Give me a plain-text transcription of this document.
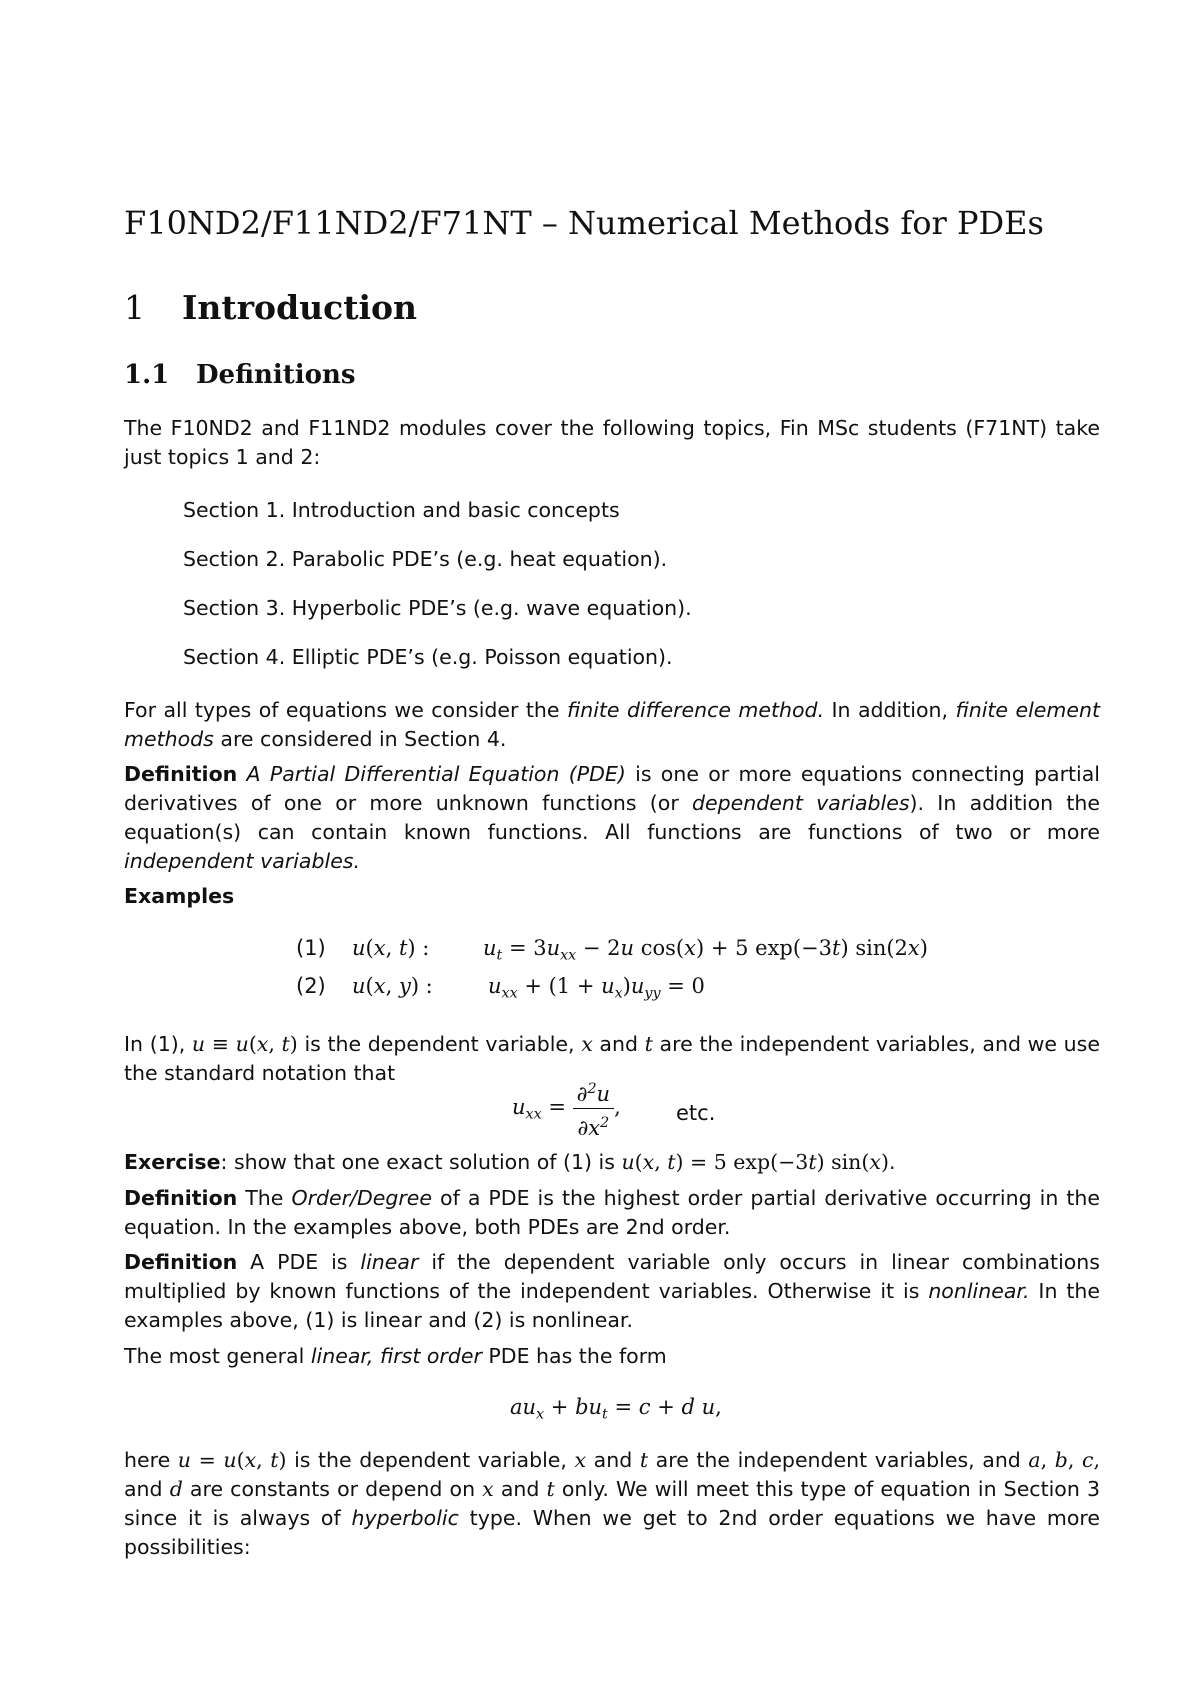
F10ND2/F11ND2/F71NT – Numerical Methods for PDEs
1 Introduction
1.1 Definitions
The F10ND2 and F11ND2 modules cover the following topics, Fin MSc students (F71NT) take just topics 1 and 2:
Section 1. Introduction and basic concepts
Section 2. Parabolic PDE’s (e.g. heat equation).
Section 3. Hyperbolic PDE’s (e.g. wave equation).
Section 4. Elliptic PDE’s (e.g. Poisson equation).
For all types of equations we consider the finite difference method. In addition, finite element methods are considered in Section 4.
Definition A Partial Differential Equation (PDE) is one or more equations connecting partial derivatives of one or more unknown functions (or dependent variables). In addition the equation(s) can contain known functions. All functions are functions of two or more independent variables.
Examples
(1) u(x, t) :	$u_t = 3u_{xx} - 2u$ cos(x) + 5 exp(−3t) sin(2x)
(2) u(x, y) :	$u_{xx} + (1 + u_x)u_{yy} = 0$
In (1), u ≡ u(x, t) is the dependent variable, x and t are the independent variables, and we use the standard notation that
$u_{xx} = \frac{\partial^2u}{\partial x^2}$ ,	etc.
Exercise: show that one exact solution of (1) is u(x, t) = 5 exp(−3t) sin(x).
Definition The Order/Degree of a PDE is the highest order partial derivative occurring in the equation. In the examples above, both PDEs are 2nd order.
Definition A PDE is linear if the dependent variable only occurs in linear combinations multiplied by known functions of the independent variables. Otherwise it is nonlinear. In the examples above, (1) is linear and (2) is nonlinear.
The most general linear, first order PDE has the form
$au_x + bu_t = c + d$ u,
here u = u(x, t) is the dependent variable, x and t are the independent variables, and a, b, c, and d are constants or depend on x and t only. We will meet this type of equation in Section 3 since it is always of hyperbolic type. When we get to 2nd order equations we have more possibilities:
